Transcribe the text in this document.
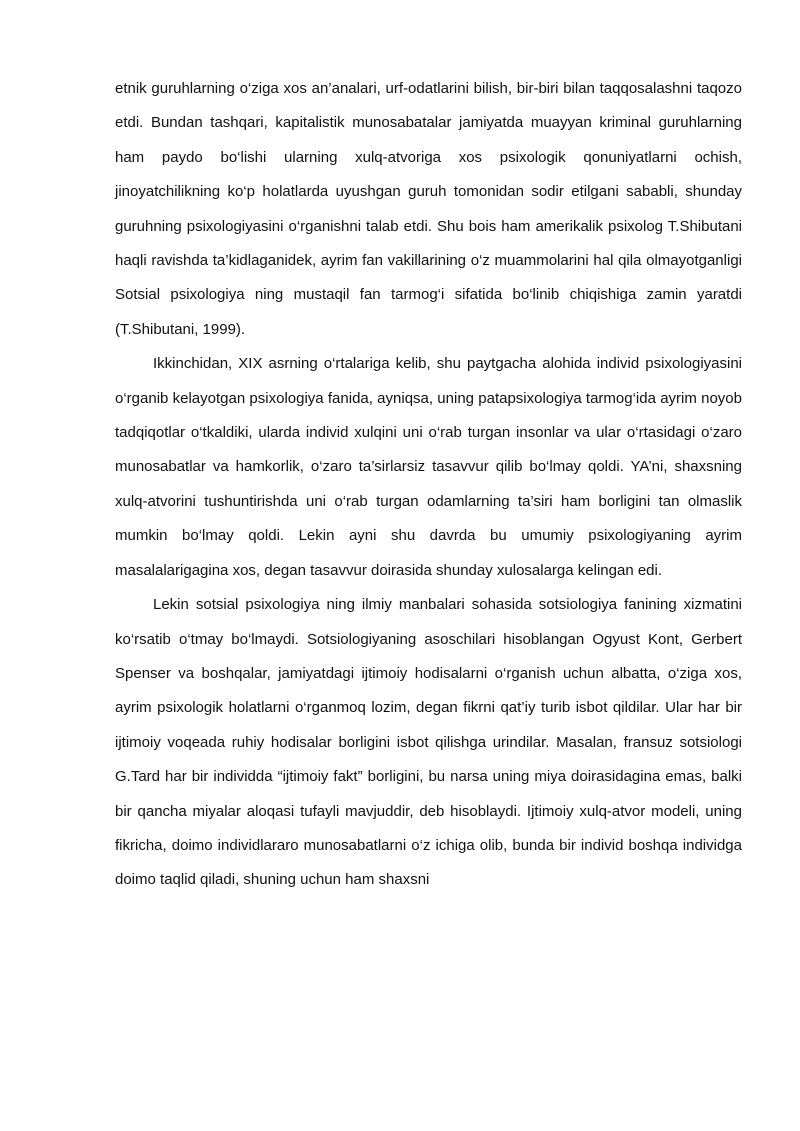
etnik guruhlarning o‘ziga xos an’analari, urf-odatlarini bilish, bir-biri bilan taqqosalashni taqozo etdi. Bundan tashqari, kapitalistik munosabatalar jamiyatda muayyan kriminal guruhlarning ham paydo bo‘lishi ularning xulq-atvoriga xos psixologik qonuniyatlarni ochish, jinoyatchilikning ko‘p holatlarda uyushgan guruh tomonidan sodir etilgani sababli, shunday guruhning psixologiyasini o‘rganishni talab etdi. Shu bois ham amerikalik psixolog T.Shibutani haqli ravishda ta’kidlaganidek, ayrim fan vakillarining o‘z muammolarini hal qila olmayotganligi Sotsial psixologiya ning mustaqil fan tarmog‘i sifatida bo‘linib chiqishiga zamin yaratdi (T.Shibutani, 1999).

Ikkinchidan, XIX asrning o‘rtalariga kelib, shu paytgacha alohida individ psixologiyasini o‘rganib kelayotgan psixologiya fanida, ayniqsa, uning patapsixologiya tarmog‘ida ayrim noyob tadqiqotlar o‘tkaldiki, ularda individ xulqini uni o‘rab turgan insonlar va ular o‘rtasidagi o‘zaro munosabatlar va hamkorlik, o‘zaro ta’sirlarsiz tasavvur qilib bo‘lmay qoldi. YA’ni, shaxsning xulq-atvorini tushuntirishda uni o‘rab turgan odamlarning ta’siri ham borligini tan olmaslik mumkin bo‘lmay qoldi. Lekin ayni shu davrda bu umumiy psixologiyaning ayrim masalalarigagina xos, degan tasavvur doirasida shunday xulosalarga kelingan edi.

Lekin sotsial psixologiya ning ilmiy manbalari sohasida sotsiologiya fanining xizmatini ko‘rsatib o‘tmay bo‘lmaydi. Sotsiologiyaning asoschilari hisoblangan Ogyust Kont, Gerbert Spenser va boshqalar, jamiyatdagi ijtimoiy hodisalarni o‘rganish uchun albatta, o‘ziga xos, ayrim psixologik holatlarni o‘rganmoq lozim, degan fikrni qat’iy turib isbot qildilar. Ular har bir ijtimoiy voqeada ruhiy hodisalar borligini isbot qilishga urindilar. Masalan, fransuz sotsiologi G.Tard har bir individda “ijtimoiy fakt” borligini, bu narsa uning miya doirasidagina emas, balki bir qancha miyalar aloqasi tufayli mavjuddir, deb hisoblaydi. Ijtimoiy xulq-atvor modeli, uning fikricha, doimo individlararo munosabatlarni o‘z ichiga olib, bunda bir individ boshqa individga doimo taqlid qiladi, shuning uchun ham shaxsni
